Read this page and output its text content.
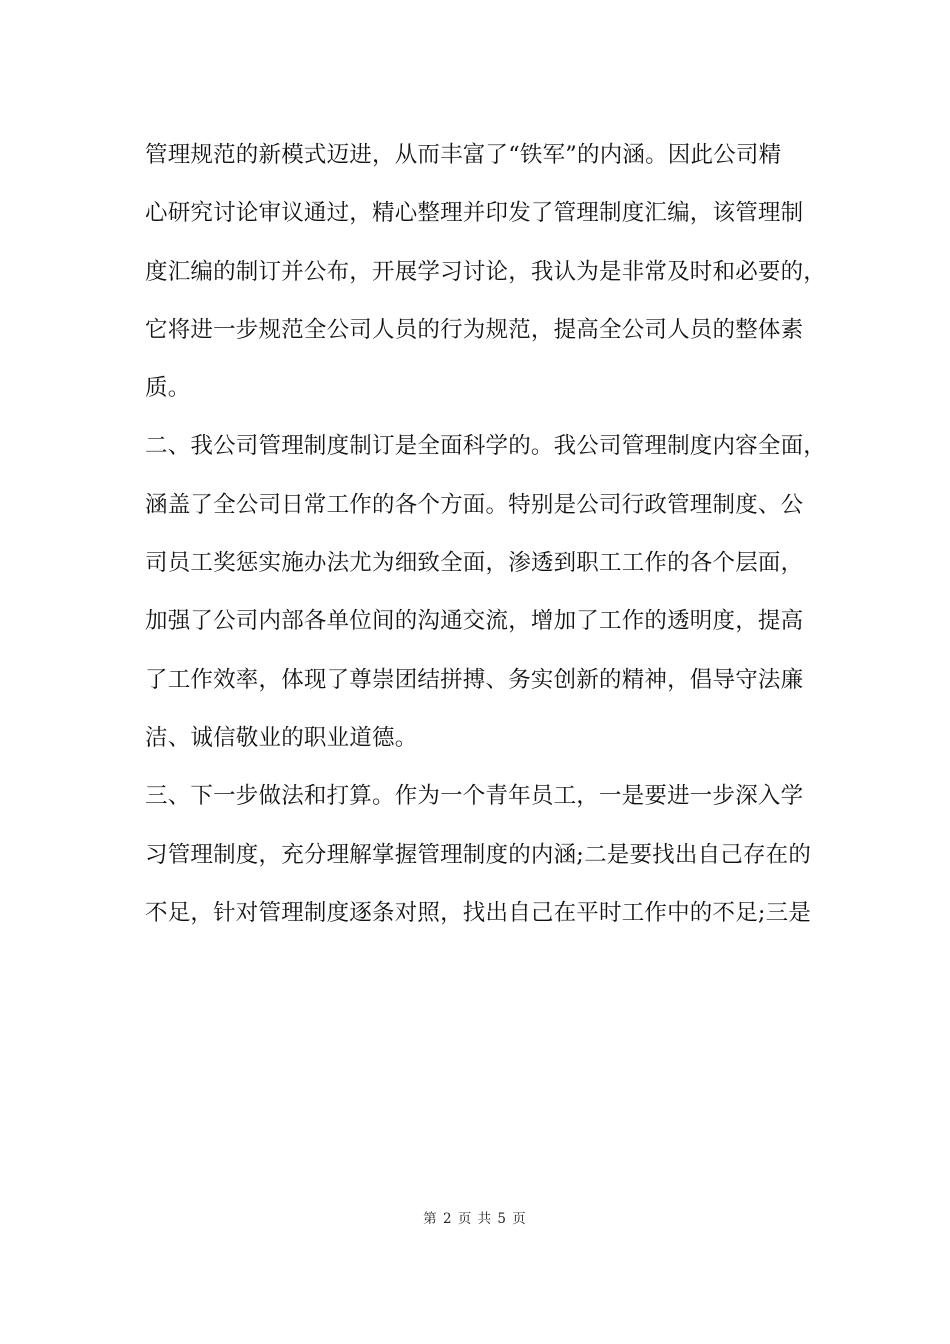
管理规范的新模式迈进，从而丰富了“铁军”的内涵。因此公司精
心研究讨论审议通过，精心整理并印发了管理制度汇编，该管理制
度汇编的制订并公布，开展学习讨论，我认为是非常及时和必要的，
它将进一步规范全公司人员的行为规范，提高全公司人员的整体素
质。
二、我公司管理制度制订是全面科学的。我公司管理制度内容全面，
涵盖了全公司日常工作的各个方面。特别是公司行政管理制度、公
司员工奖惩实施办法尤为细致全面，渗透到职工工作的各个层面，
加强了公司内部各单位间的沟通交流，增加了工作的透明度，提高
了工作效率，体现了尊崇团结拼搏、务实创新的精神，倡导守法廉
洁、诚信敬业的职业道德。
三、下一步做法和打算。作为一个青年员工，一是要进一步深入学
习管理制度，充分理解掌握管理制度的内涵;二是要找出自己存在的
不足，针对管理制度逐条对照，找出自己在平时工作中的不足;三是
第 2 页 共 5 页
